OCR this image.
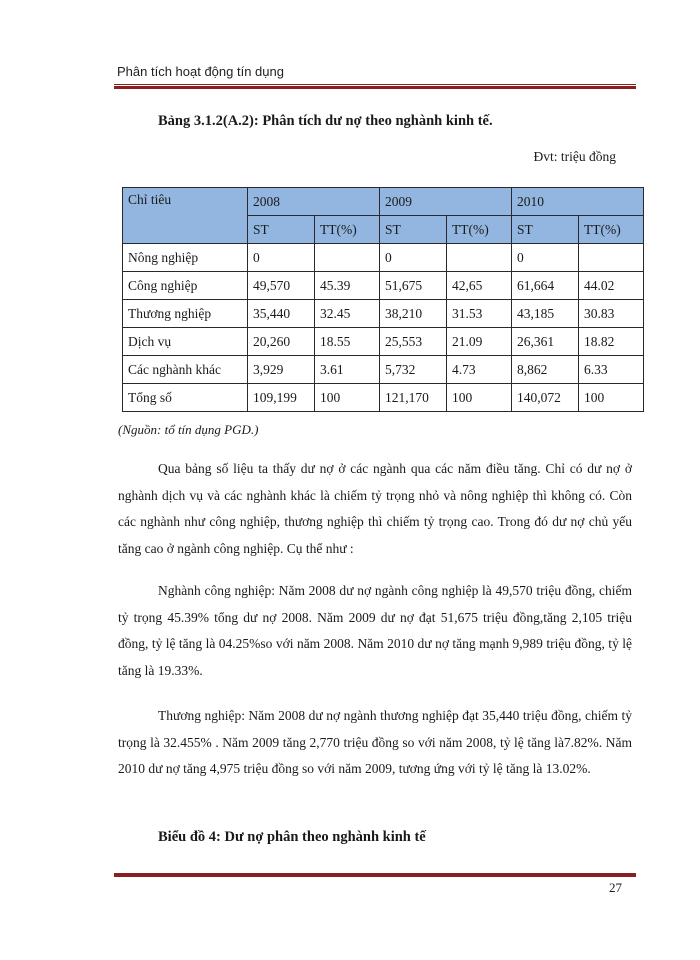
Phân tích hoạt động tín dụng
Bảng 3.1.2(A.2): Phân tích dư nợ theo nghành kinh tế.
Đvt: triệu đồng
Chỉ tiêu	2008		2009		2010	
	ST	TT(%)	ST	TT(%)	ST	TT(%)
Nông nghiệp	0		0		0	
Công nghiệp	49,570	45.39	51,675	42,65	61,664	44.02
Thương nghiệp	35,440	32.45	38,210	31.53	43,185	30.83
Dịch vụ	20,260	18.55	25,553	21.09	26,361	18.82
Các nghành khác	3,929	3.61	5,732	4.73	8,862	6.33
Tổng số	109,199	100	121,170	100	140,072	100
(Nguồn: tổ tín dụng PGD.)

Qua bảng số liệu ta thấy dư nợ ở các ngành qua các năm điều tăng. Chỉ có dư nợ ở nghành dịch vụ và các nghành khác là chiếm tỷ trọng nhỏ và nông nghiệp thì không có. Còn các nghành như công nghiệp, thương nghiệp thì chiếm tỷ trọng cao. Trong đó dư nợ chủ yếu tăng cao ở ngành công nghiệp. Cụ thể như :

Nghành công nghiệp: Năm 2008 dư nợ ngành công nghiệp là 49,570 triệu đồng, chiếm tỷ trọng 45.39% tổng dư nợ 2008. Năm 2009 dư nợ đạt 51,675 triệu đồng,tăng 2,105 triệu đồng, tỷ lệ tăng là 04.25%so với năm 2008. Năm 2010 dư nợ tăng mạnh 9,989 triệu đồng, tỷ lệ tăng là 19.33%.

Thương nghiệp: Năm 2008 dư nợ ngành thương nghiệp đạt 35,440 triệu đồng, chiếm tỷ trọng là 32.455% . Năm 2009 tăng 2,770 triệu đồng so với năm 2008, tỷ lệ tăng là7.82%. Năm 2010 dư nợ tăng 4,975 triệu đồng so với năm 2009, tương ứng với tỷ lệ tăng là 13.02%.

Biểu đồ 4: Dư nợ phân theo nghành kinh tế
27
